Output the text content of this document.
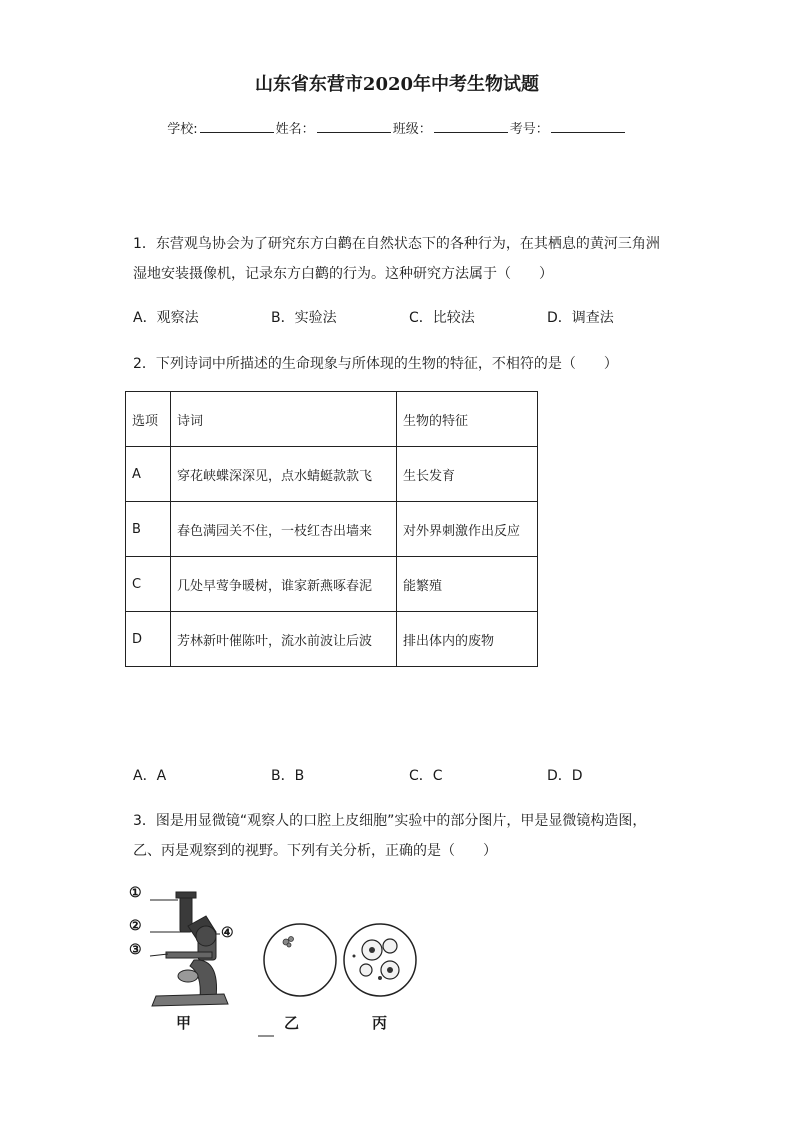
山东省东营市2020年中考生物试题
学校:	姓名：	班级：	考号：
1．东营观鸟协会为了研究东方白鹳在自然状态下的各种行为，在其栖息的黄河三角洲湿地安装摄像机，记录东方白鹳的行为。这种研究方法属于（　　）
A．观察法	B．实验法	C．比较法	D．调查法
2．下列诗词中所描述的生命现象与所体现的生物的特征，不相符的是（　　）
选项	诗词	生物的特征
A	穿花峡蝶深深见，点水蜻蜓款款飞	生长发育
B	春色满园关不住，一枝红杏出墙来	对外界刺激作出反应
C	几处早莺争暖树，谁家新燕啄春泥	能繁殖
D	芳林新叶催陈叶，流水前波让后波	排出体内的废物
A．A	B．B	C．C	D．D
3．图是用显微镜“观察人的口腔上皮细胞”实验中的部分图片，甲是显微镜构造图，乙、丙是观察到的视野。下列有关分析，正确的是（　　）
①
②
③
④
甲	乙	丙
